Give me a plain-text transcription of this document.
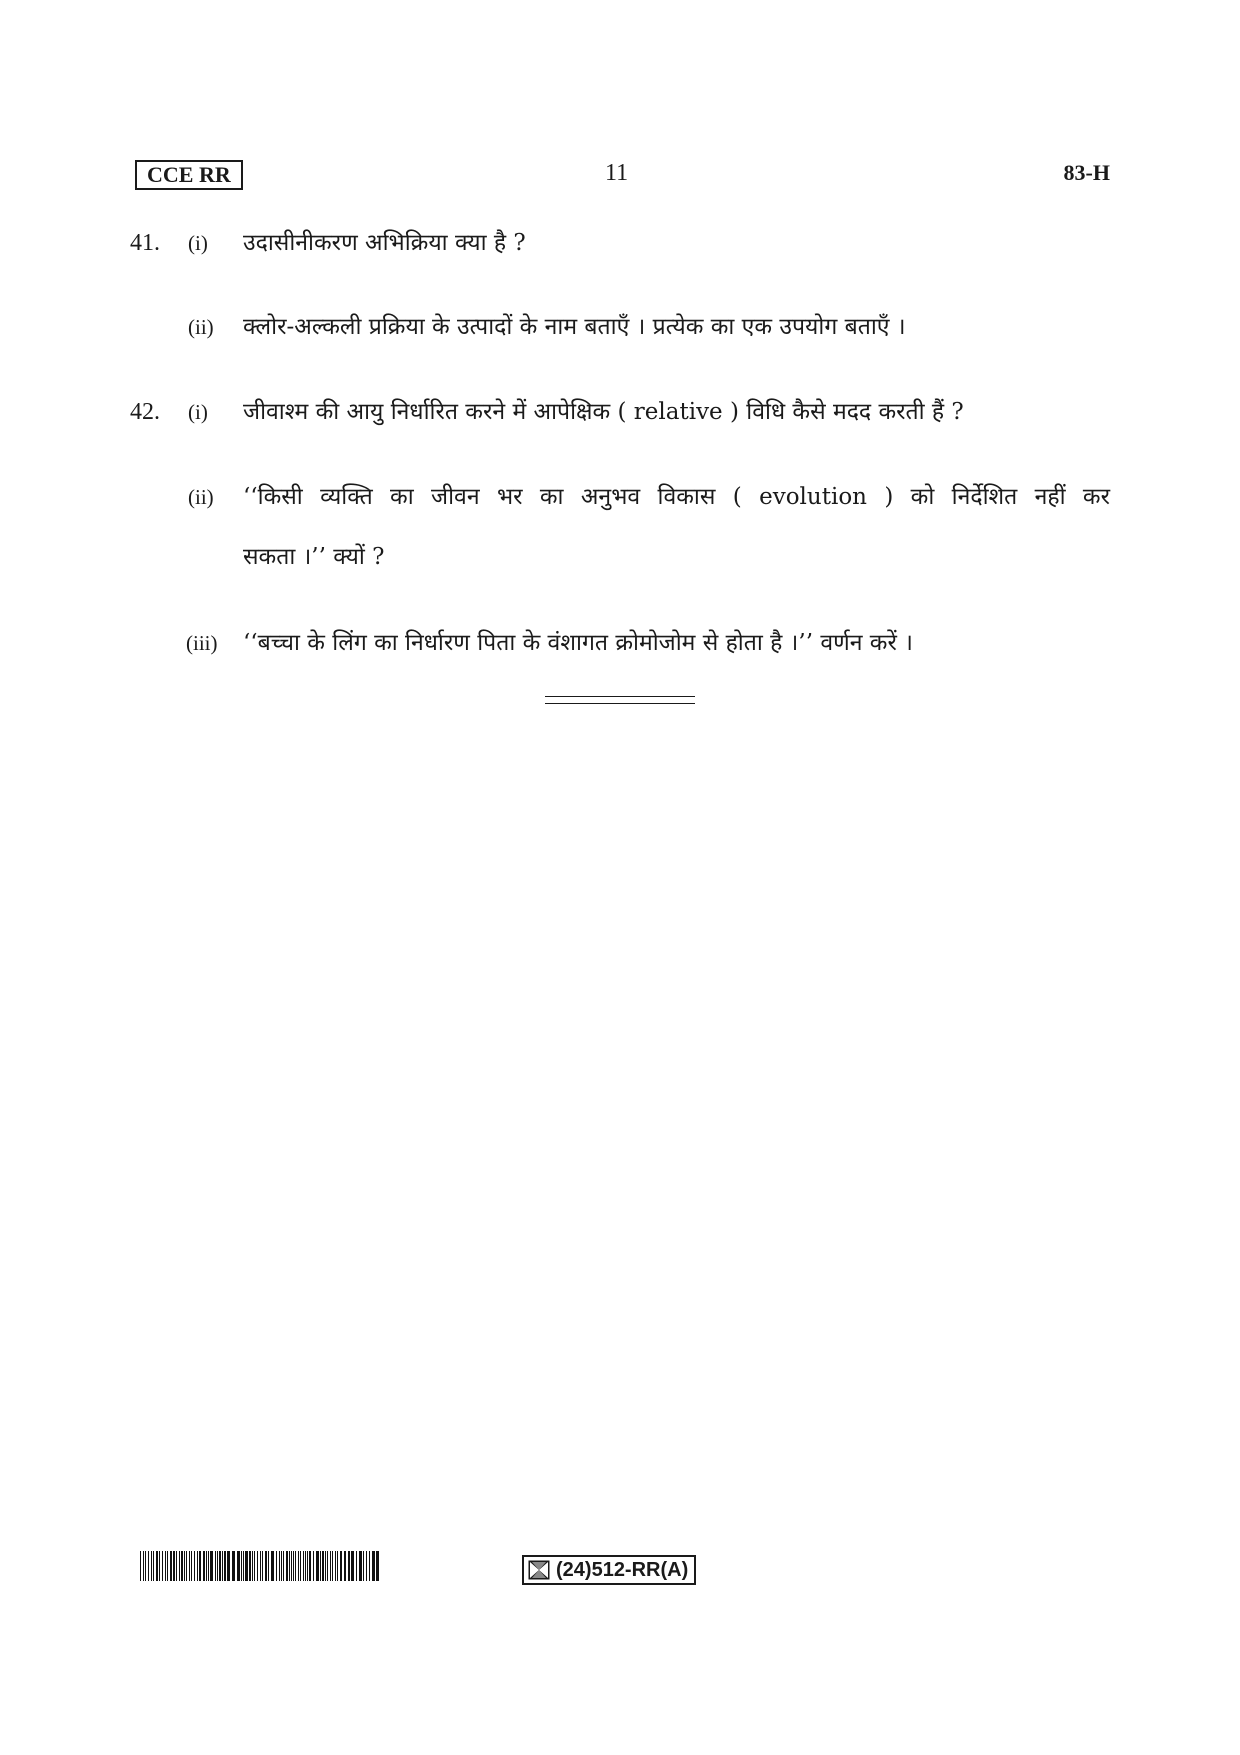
CCE RR	11	83-H
41. (i) उदासीनीकरण अभिक्रिया क्या है ?
(ii) क्लोर-अल्कली प्रक्रिया के उत्पादों के नाम बताएँ । प्रत्येक का एक उपयोग बताएँ ।
42. (i) जीवाश्म की आयु निर्धारित करने में आपेक्षिक ( relative ) विधि कैसे मदद करती हैं ?
(ii) ‘‘किसी व्यक्ति का जीवन भर का अनुभव विकास ( evolution ) को निर्देशित नहीं कर
सकता ।’’ क्यों ?
(iii) ‘‘बच्चा के लिंग का निर्धारण पिता के वंशागत क्रोमोजोम से होता है ।’’ वर्णन करें ।
(24)512-RR(A)
